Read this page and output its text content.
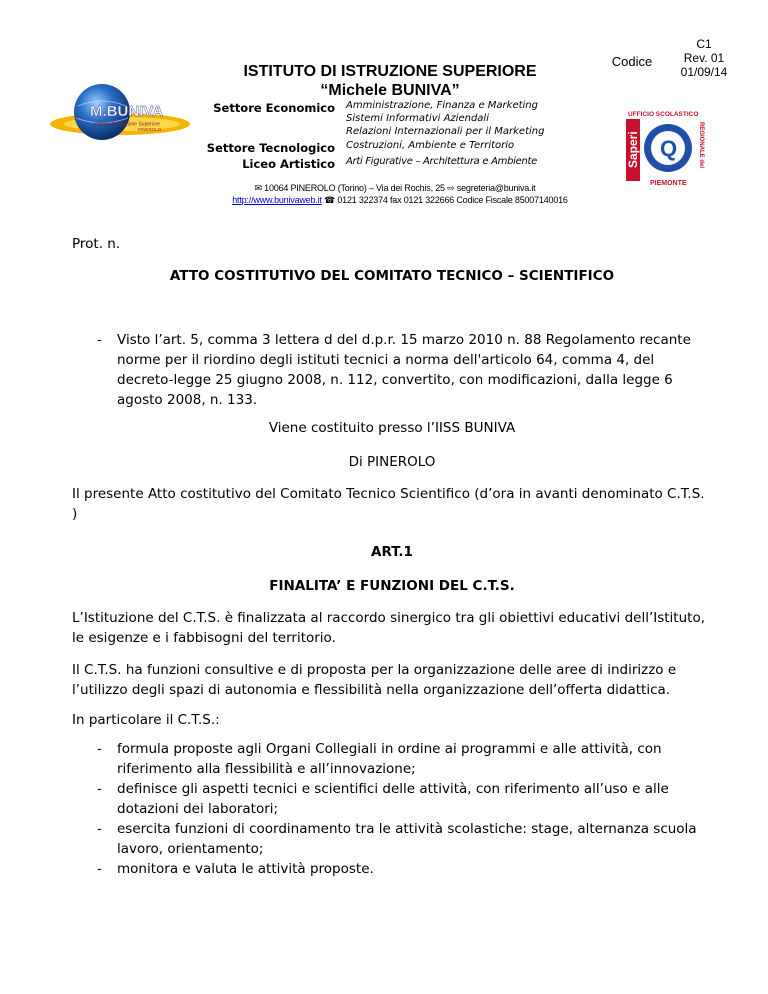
ISTITUTO DI ISTRUZIONE SUPERIORE
“Michele BUNIVA”
Codice
C1
Rev. 01
01/09/14
M.BUNIVA
Istituto di Istruzione Superiore
PINEROLO
Settore Economico Amministrazione, Finanza e Marketing
Sistemi Informativi Aziendali
Relazioni Internazionali per il Marketing
Settore Tecnologico Costruzioni, Ambiente e Territorio
Liceo Artistico Arti Figurative – Architettura e Ambiente
UFFICIO SCOLASTICO
Saperi Q	REGIONALE del
PIEMONTE
✉ 10064 PINEROLO (Torino) – Via dei Rochis, 25 ⇨ segreteria@buniva.it
http://www.bunivaweb.it ☎ 0121 322374 fax 0121 322666 Codice Fiscale 85007140016
Prot. n.
ATTO COSTITUTIVO DEL COMITATO TECNICO – SCIENTIFICO
- Visto l’art. 5, comma 3 lettera d del d.p.r. 15 marzo 2010 n. 88 Regolamento recante norme per il riordino degli istituti tecnici a norma dell'articolo 64, comma 4, del decreto-legge 25 giugno 2008, n. 112, convertito, con modificazioni, dalla legge 6 agosto 2008, n. 133.
Viene costituito presso l’IISS BUNIVA
Di PINEROLO
Il presente Atto costitutivo del Comitato Tecnico Scientifico (d’ora in avanti denominato C.T.S. )
ART.1
FINALITA’ E FUNZIONI DEL C.T.S.
L’Istituzione del C.T.S. è finalizzata al raccordo sinergico tra gli obiettivi educativi dell’Istituto, le esigenze e i fabbisogni del territorio.
Il C.T.S. ha funzioni consultive e di proposta per la organizzazione delle aree di indirizzo e l’utilizzo degli spazi di autonomia e flessibilità nella organizzazione dell’offerta didattica.
In particolare il C.T.S.:
- formula proposte agli Organi Collegiali in ordine ai programmi e alle attività, con riferimento alla flessibilità e all’innovazione;
- definisce gli aspetti tecnici e scientifici delle attività, con riferimento all’uso e alle dotazioni dei laboratori;
- esercita funzioni di coordinamento tra le attività scolastiche: stage, alternanza scuola lavoro, orientamento;
- monitora e valuta le attività proposte.
